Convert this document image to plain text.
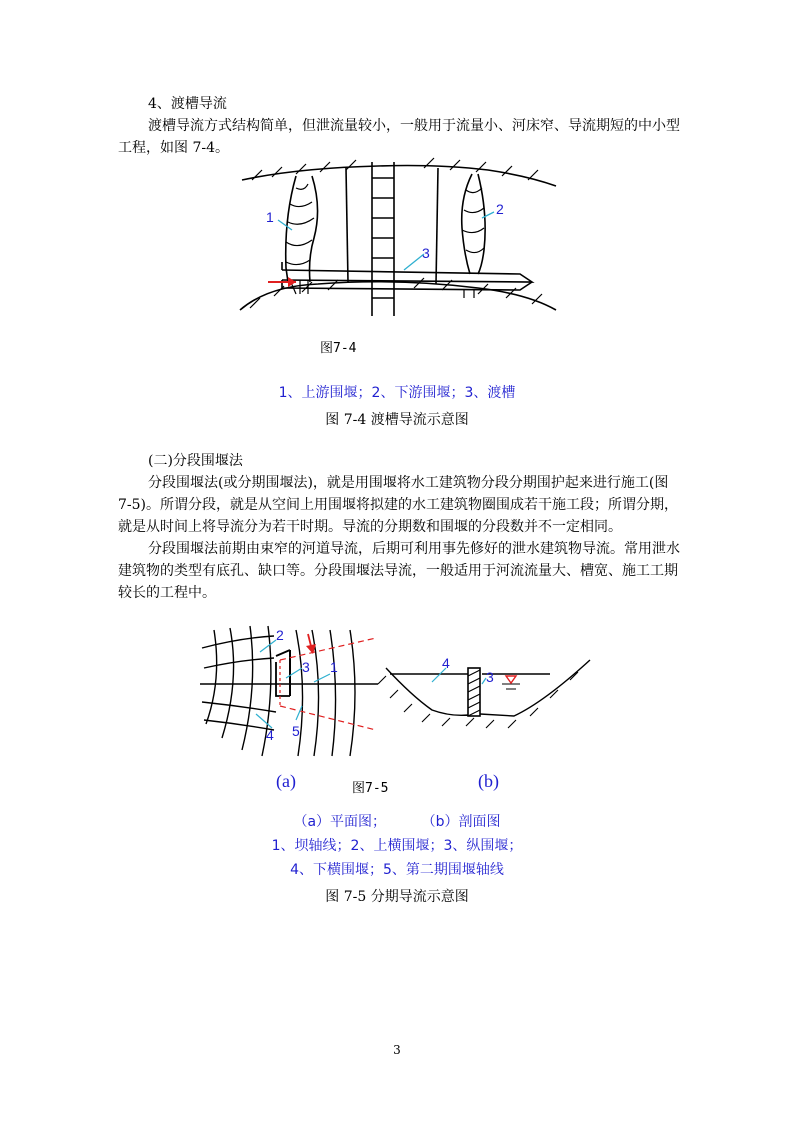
4、渡槽导流
渡槽导流方式结构简单，但泄流量较小，一般用于流量小、河床窄、导流期短的中小型
工程，如图 7-4。
1	2
3
图7-4
1、上游围堰；2、下游围堰；3、渡槽
图 7-4 渡槽导流示意图
(二)分段围堰法
分段围堰法(或分期围堰法)，就是用围堰将水工建筑物分段分期围护起来进行施工(图
7-5)。所谓分段，就是从空间上用围堰将拟建的水工建筑物圈围成若干施工段；所谓分期，
就是从时间上将导流分为若干时期。导流的分期数和围堰的分段数并不一定相同。
分段围堰法前期由束窄的河道导流，后期可利用事先修好的泄水建筑物导流。常用泄水
建筑物的类型有底孔、缺口等。分段围堰法导流，一般适用于河流流量大、槽宽、施工工期
较长的工程中。
2
3 1
4 5
4
3
(a)	图7-5	(b)
（a）平面图；        （b）剖面图
1、坝轴线；2、上横围堰；3、纵围堰；
4、下横围堰；5、第二期围堰轴线
图 7-5 分期导流示意图
3
